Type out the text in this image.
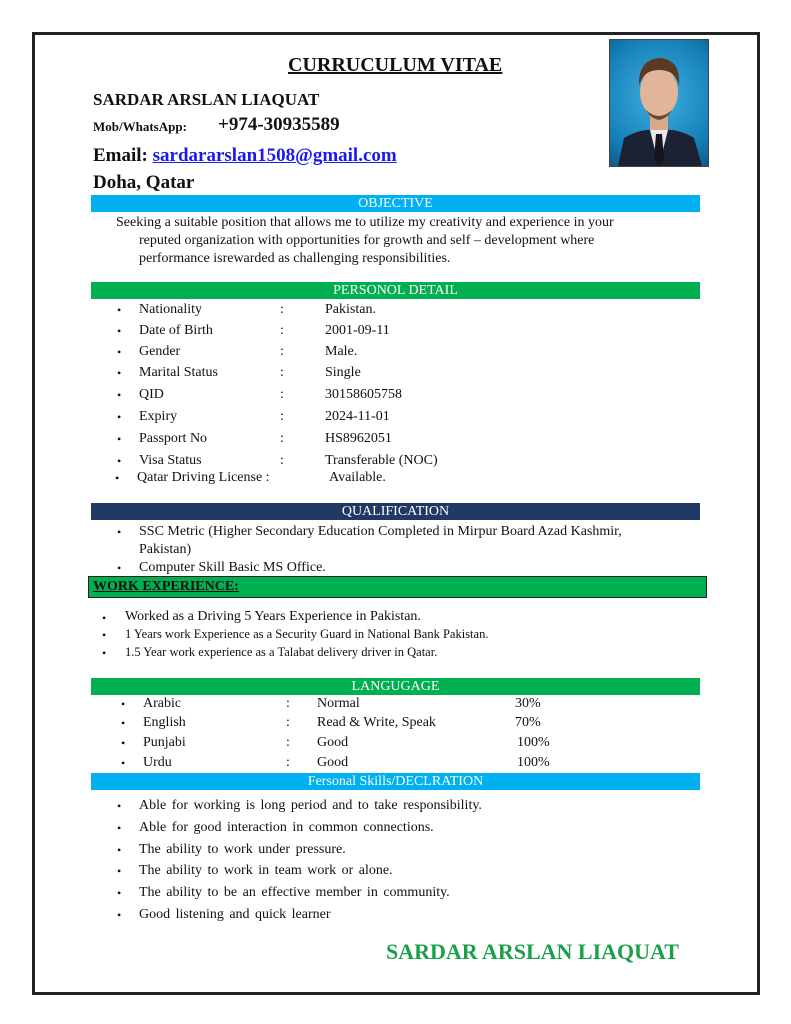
CURRUCULUM VITAE
SARDAR ARSLAN LIAQUAT
Mob/WhatsApp: +974-30935589
Email: sardararslan1508@gmail.com
Doha, Qatar
OBJECTIVE
Seeking a suitable position that allows me to utilize my creativity and experience in your
reputed organization with opportunities for growth and self – development where
performance isrewarded as challenging responsibilities.
PERSONOL DETAIL
• Nationality	:	Pakistan.
• Date of Birth	:	2001-09-11
• Gender	:	Male.
• Marital Status	:	Single
• QID	:	30158605758
• Expiry	:	2024-11-01
• Passport No	:	HS8962051
• Visa Status	:	Transferable (NOC)
• Qatar Driving License :	Available.
QUALIFICATION
• SSC Metric (Higher Secondary Education Completed in Mirpur Board Azad Kashmir,
Pakistan)
• Computer Skill Basic MS Office.
WORK EXPERIENCE:
• Worked as a Driving 5 Years Experience in Pakistan.
• 1 Years work Experience as a Security Guard in National Bank Pakistan.
• 1.5 Year work experience as a Talabat delivery driver in Qatar.
LANGUGAGE
• Arabic	: Normal	30%
• English	: Read & Write, Speak	70%
• Punjabi	: Good	100%
• Urdu	: Good	100%
Fersonal Skills/DECLRATION
• Able for working is long period and to take responsibility.
• Able for good interaction in common connections.
• The ability to work under pressure.
• The ability to work in team work or alone.
• The ability to be an effective member in community.
• Good listening and quick learner
SARDAR ARSLAN LIAQUAT
